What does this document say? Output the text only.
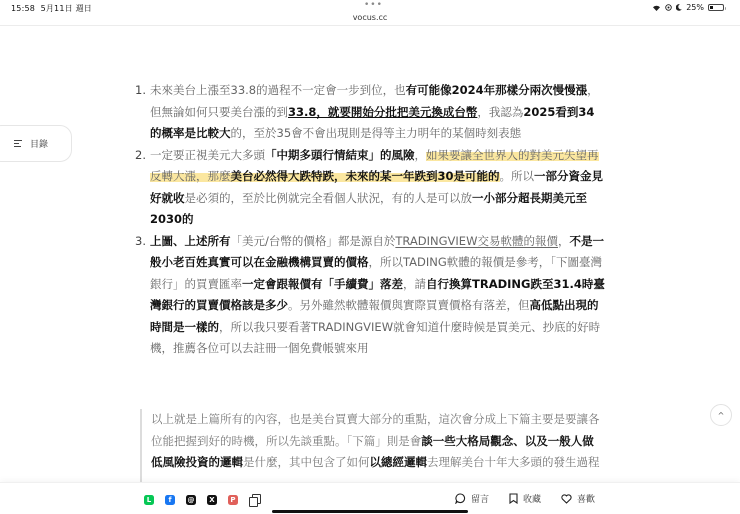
15:58 5月11日 週日	•••	25%
vocus.cc
目錄
1. 未來美台上漲至33.8的過程不一定會一步到位，也有可能像2024年那樣分兩次慢慢漲，但無論如何只要美台漲的到33.8，就要開始分批把美元換成台幣，我認為2025看到34的概率是比較大的，至於35會不會出現則是得等主力明年的某個時刻表態
2. 一定要正視美元大多頭「中期多頭行情結束」的風險，如果要讓全世界人的對美元失望再反轉大漲，那麼美台必然得大跌特跌，未來的某一年跌到30是可能的。所以一部分資金見好就收是必須的，至於比例就完全看個人狀況，有的人是可以放一小部分超長期美元至2030的
3. 上圖、上述所有「美元/台幣的價格」都是源自於TRADINGVIEW交易軟體的報價，不是一般小老百姓真實可以在金融機構買賣的價格，所以TADING軟體的報價是參考，「下圖臺灣銀行」的買賣匯率一定會跟報價有「手續費」落差，請自行換算TRADING跌至31.4時臺灣銀行的買賣價格該是多少。另外雖然軟體報價與實際買賣價格有落差，但高低點出現的時間是一樣的，所以我只要看著TRADINGVIEW就會知道什麼時候是買美元、抄底的好時機，推薦各位可以去註冊一個免費帳號來用
以上就是上篇所有的內容，也是美台買賣大部分的重點，這次會分成上下篇主要是要讓各位能把握到好的時機，所以先談重點。「下篇」則是會談一些大格局觀念、以及一般人做低風險投資的邏輯是什麼，其中包含了如何以總經邏輯去理解美台十年大多頭的發生過程
^
L	f	@	X	P	留言	收藏	喜歡
